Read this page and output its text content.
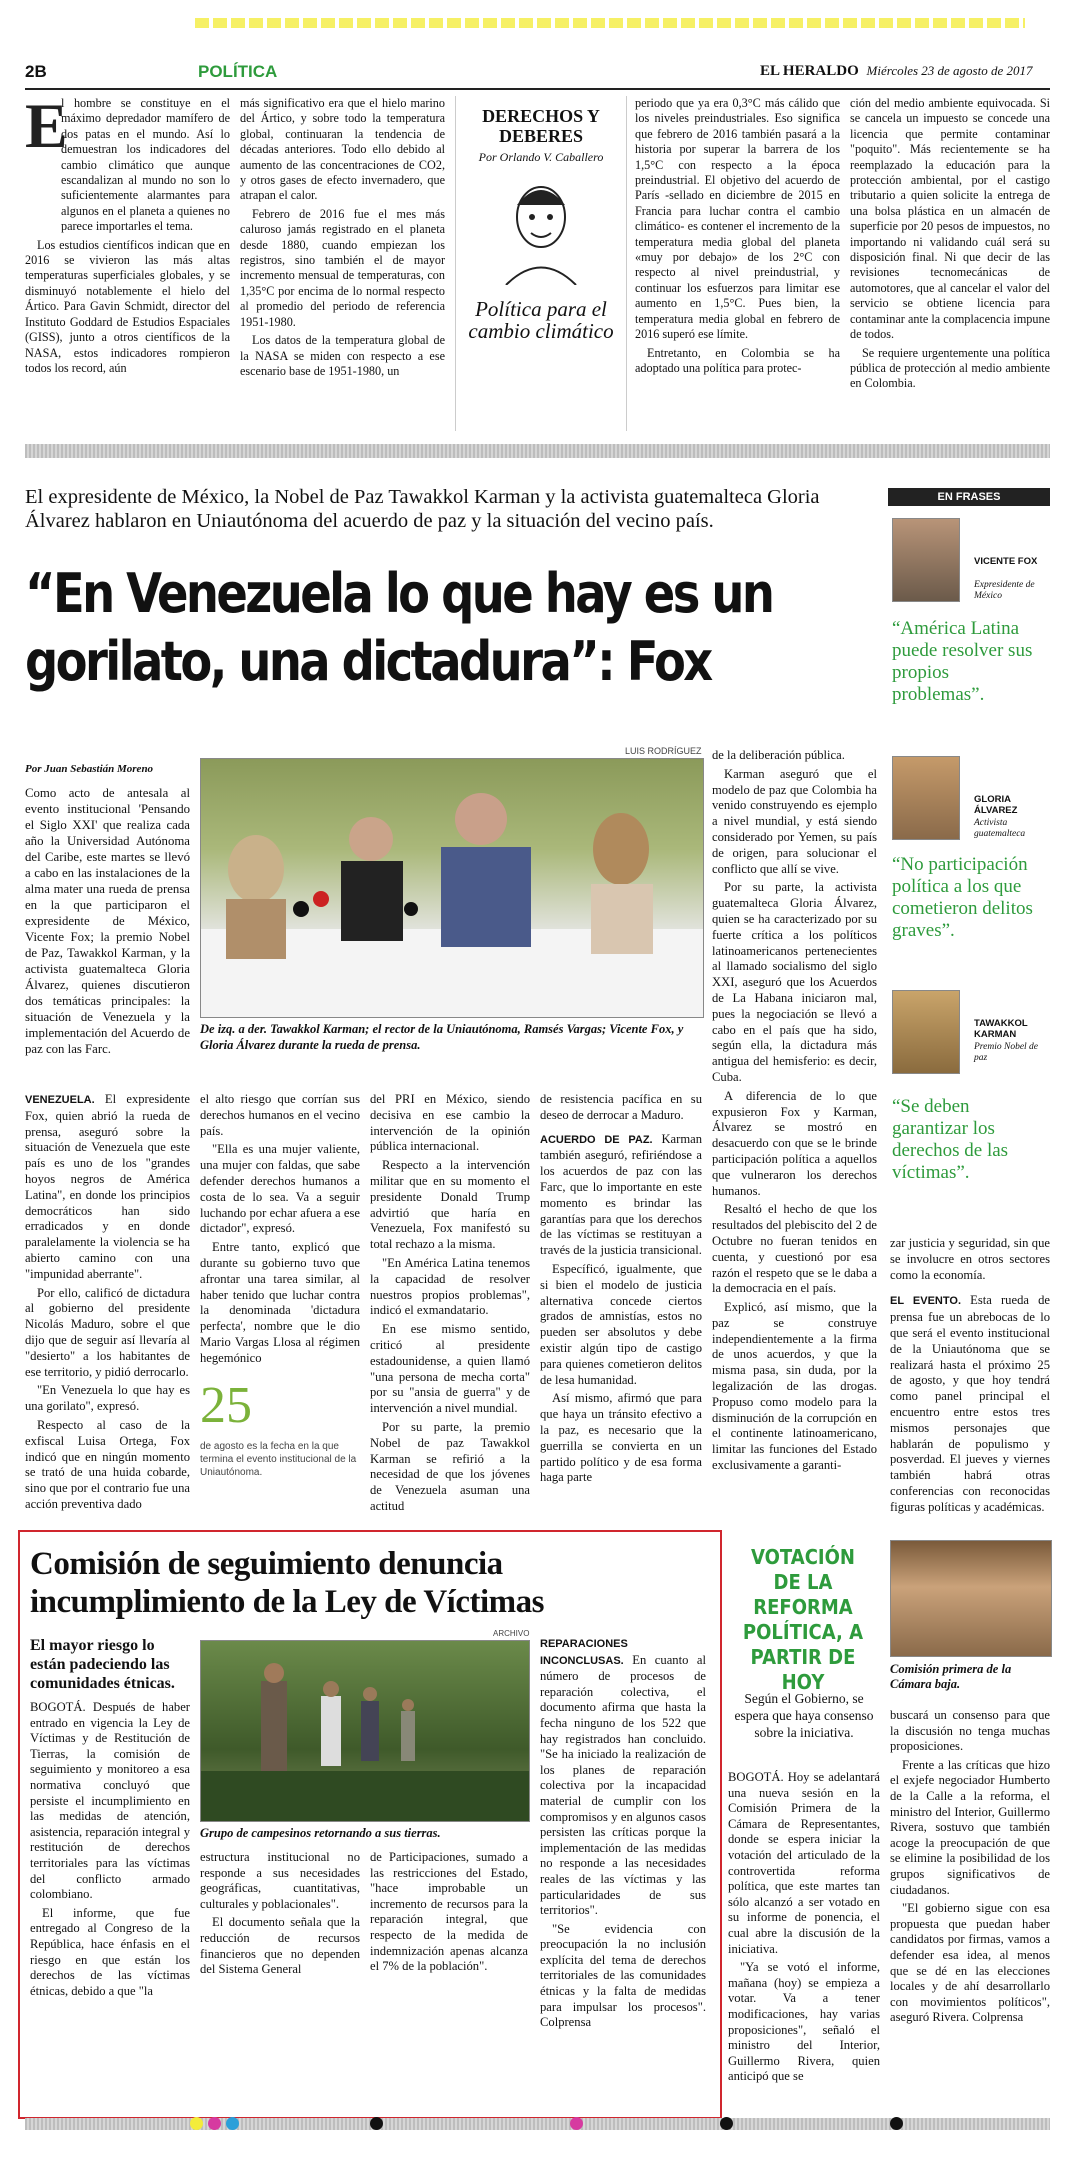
2B	POLÍTICA	EL HERALDO Miércoles 23 de agosto de 2017
E

l hombre se constituye en el máximo depredador mamífero de dos patas en el mundo. Así lo demuestran los indicadores del cambio climático que aunque escandalizan al mundo no son lo suficientemente alarmantes para algunos en el planeta a quienes no parece importarles el tema.

Los estudios científicos indican que en 2016 se vivieron las más altas temperaturas superficiales globales, y se disminuyó notablemente el hielo del Ártico. Para Gavin Schmidt, director del Instituto Goddard de Estudios Espaciales (GISS), junto a otros científicos de la NASA, estos indicadores rompieron todos los record, aún

más significativo era que el hielo marino del Ártico, y sobre todo la temperatura global, continuaran la tendencia de décadas anteriores. Todo ello debido al aumento de las concentraciones de CO2, y otros gases de efecto invernadero, que atrapan el calor.

Febrero de 2016 fue el mes más caluroso jamás registrado en el planeta desde 1880, cuando empiezan los registros, sino también el de mayor incremento mensual de temperaturas, con 1,35°C por encima de lo normal respecto al promedio del periodo de referencia 1951-1980.

Los datos de la temperatura global de la NASA se miden con respecto a ese escenario base de 1951-1980, un

DERECHOS Y DEBERES
Por Orlando V. Caballero
Política para el cambio climático

periodo que ya era 0,3°C más cálido que los niveles preindustriales. Eso significa que febrero de 2016 también pasará a la historia por superar la barrera de los 1,5°C con respecto a la época preindustrial. El objetivo del acuerdo de París -sellado en diciembre de 2015 en Francia para luchar contra el cambio climático- es contener el incremento de la temperatura media global del planeta «muy por debajo» de los 2°C con respecto al nivel preindustrial, y continuar los esfuerzos para limitar ese aumento en 1,5°C. Pues bien, la temperatura media global en febrero de 2016 superó ese límite.

Entretanto, en Colombia se ha adoptado una política para protec-

ción del medio ambiente equivocada. Si se cancela un impuesto se concede una licencia que permite contaminar "poquito". Más recientemente se ha reemplazado la educación para la protección ambiental, por el castigo tributario a quien solicite la entrega de una bolsa plástica en un almacén de superficie por 20 pesos de impuestos, no importando ni validando cuál será su disposición final. Ni que decir de las revisiones tecnomecánicas de automotores, que al cancelar el valor del servicio se obtiene licencia para contaminar ante la complacencia impune de todos.

Se requiere urgentemente una política pública de protección al medio ambiente en Colombia.

El expresidente de México, la Nobel de Paz Tawakkol Karman y la activista guatemalteca Gloria Álvarez hablaron en Uniautónoma del acuerdo de paz y la situación del vecino país.
“En Venezuela lo que hay es un gorilato, una dictadura”: Fox
Por Juan Sebastián Moreno

Como acto de antesala al evento institucional 'Pensando el Siglo XXI' que realiza cada año la Universidad Autónoma del Caribe, este martes se llevó a cabo en las instalaciones de la alma mater una rueda de prensa en la que participaron el expresidente de México, Vicente Fox; la premio Nobel de Paz, Tawakkol Karman, y la activista guatemalteca Gloria Álvarez, quienes discutieron dos temáticas principales: la situación de Venezuela y la implementación del Acuerdo de paz con las Farc.

LUIS RODRÍGUEZ
De izq. a der. Tawakkol Karman; el rector de la Uniautónoma, Ramsés Vargas; Vicente Fox, y Gloria Álvarez durante la rueda de prensa.

de la deliberación pública.

Karman aseguró que el modelo de paz que Colombia ha venido construyendo es ejemplo a nivel mundial, y está siendo considerado por Yemen, su país de origen, para solucionar el conflicto que allí se vive.

Por su parte, la activista guatemalteca Gloria Álvarez, quien se ha caracterizado por su fuerte crítica a los políticos latinoamericanos pertenecientes al llamado socialismo del siglo XXI, aseguró que los Acuerdos de La Habana iniciaron mal, pues la negociación se llevó a cabo en el país que ha sido, según ella, la dictadura más antigua del hemisferio: es decir, Cuba.

A diferencia de lo que expusieron Fox y Karman, Álvarez se mostró en desacuerdo con que se le brinde participación política a aquellos que vulneraron los derechos humanos.

Resaltó el hecho de que los resultados del plebiscito del 2 de Octubre no fueran tenidos en cuenta, y cuestionó por esa razón el respeto que se le daba a la democracia en el país.

Explicó, así mismo, que la paz se construye independientemente a la firma de unos acuerdos, y que la misma pasa, sin duda, por la legalización de las drogas. Propuso como modelo para la disminución de la corrupción en el continente latinoamericano, limitar las funciones del Estado exclusivamente a garanti-

VENEZUELA. El expresidente Fox, quien abrió la rueda de prensa, aseguró sobre la situación de Venezuela que este país es uno de los "grandes hoyos negros de América Latina", en donde los principios democráticos han sido erradicados y en donde paralelamente la violencia se ha abierto camino con una "impunidad aberrante".

Por ello, calificó de dictadura al gobierno del presidente Nicolás Maduro, sobre el que dijo que de seguir así llevaría al "desierto" a los habitantes de ese territorio, y pidió derrocarlo.

"En Venezuela lo que hay es una gorilato", expresó.

Respecto al caso de la exfiscal Luisa Ortega, Fox indicó que en ningún momento se trató de una huida cobarde, sino que por el contrario fue una acción preventiva dado

el alto riesgo que corrían sus derechos humanos en el vecino país.

"Ella es una mujer valiente, una mujer con faldas, que sabe defender derechos humanos a costa de lo sea. Va a seguir luchando por echar afuera a ese dictador", expresó.

Entre tanto, explicó que durante su gobierno tuvo que afrontar una tarea similar, al haber tenido que luchar contra la denominada 'dictadura perfecta', nombre que le dio Mario Vargas Llosa al régimen hegemónico

25
de agosto es la fecha en la que termina el evento institucional de la Uniautónoma.

del PRI en México, siendo decisiva en ese cambio la intervención de la opinión pública internacional.

Respecto a la intervención militar que en su momento el presidente Donald Trump advirtió que haría en Venezuela, Fox manifestó su total rechazo a la misma.

"En América Latina tenemos la capacidad de resolver nuestros propios problemas", indicó el exmandatario.

En ese mismo sentido, criticó al presidente estadounidense, a quien llamó "una persona de mecha corta" por su "ansia de guerra" y de intervención a nivel mundial.

Por su parte, la premio Nobel de paz Tawakkol Karman se refirió a la necesidad de que los jóvenes de Venezuela asuman una actitud

de resistencia pacífica en su deseo de derrocar a Maduro.

ACUERDO DE PAZ. Karman también aseguró, refiriéndose a los acuerdos de paz con las Farc, que lo importante en este momento es brindar las garantías para que los derechos de las víctimas se restituyan a través de la justicia transicional.

Específicó, igualmente, que si bien el modelo de justicia alternativa concede ciertos grados de amnistías, estos no pueden ser absolutos y debe existir algún tipo de castigo para quienes cometieron delitos de lesa humanidad.

Así mismo, afirmó que para que haya un tránsito efectivo a la paz, es necesario que la guerrilla se convierta en un partido político y de esa forma haga parte

EN FRASES
VICENTE FOX
Expresidente de México
“América Latina puede resolver sus propios problemas”.
GLORIA ÁLVAREZ
Activista guatemalteca
“No participación política a los que cometieron delitos graves”.
TAWAKKOL KARMAN
Premio Nobel de paz
“Se deben garantizar los derechos de las víctimas”.

zar justicia y seguridad, sin que se involucre en otros sectores como la economía.

EL EVENTO. Esta rueda de prensa fue un abrebocas de lo que será el evento institucional de la Uniautónoma que se realizará hasta el próximo 25 de agosto, y que hoy tendrá como panel principal el encuentro entre estos tres mismos personajes que hablarán de populismo y posverdad. El jueves y viernes también habrá otras conferencias con reconocidas figuras políticas y académicas.

Comisión de seguimiento denuncia incumplimiento de la Ley de Víctimas
El mayor riesgo lo están padeciendo las comunidades étnicas.
ARCHIVO
Grupo de campesinos retornando a sus tierras.

BOGOTÁ. Después de haber entrado en vigencia la Ley de Víctimas y de Restitución de Tierras, la comisión de seguimiento y monitoreo a esa normativa concluyó que persiste el incumplimiento en las medidas de atención, asistencia, reparación integral y restitución de derechos territoriales para las víctimas del conflicto armado colombiano.

El informe, que fue entregado al Congreso de la República, hace énfasis en el riesgo en que están los derechos de las víctimas étnicas, debido a que "la

estructura institucional no responde a sus necesidades geográficas, cuantitativas, culturales y poblacionales".

El documento señala que la reducción de recursos financieros que no dependen del Sistema General

de Participaciones, sumado a las restricciones del Estado, "hace improbable un incremento de recursos para la reparación integral, que respecto de la medida de indemnización apenas alcanza el 7% de la población".

REPARACIONES INCONCLUSAS. En cuanto al número de procesos de reparación colectiva, el documento afirma que hasta la fecha ninguno de los 522 que hay registrados han concluido. "Se ha iniciado la realización de los planes de reparación colectiva por la incapacidad material de cumplir con los compromisos y en algunos casos persisten las críticas porque la implementación de las medidas no responde a las necesidades reales de las víctimas y las particularidades de sus territorios".

"Se evidencia con preocupación la no inclusión explícita del tema de derechos territoriales de las comunidades étnicas y la falta de medidas para impulsar los procesos". Colprensa

VOTACIÓN DE LA REFORMA POLÍTICA, A PARTIR DE HOY
Según el Gobierno, se espera que haya consenso sobre la iniciativa.
Comisión primera de la Cámara baja.

BOGOTÁ. Hoy se adelantará una nueva sesión en la Comisión Primera de la Cámara de Representantes, donde se espera iniciar la votación del articulado de la controvertida reforma política, que este martes tan sólo alcanzó a ser votado en su informe de ponencia, el cual abre la discusión de la iniciativa.

"Ya se votó el informe, mañana (hoy) se empieza a votar. Va a tener modificaciones, hay varias proposiciones", señaló el ministro del Interior, Guillermo Rivera, quien anticipó que se

buscará un consenso para que la discusión no tenga muchas proposiciones.

Frente a las críticas que hizo el exjefe negociador Humberto de la Calle a la reforma, el ministro del Interior, Guillermo Rivera, sostuvo que también acoge la preocupación de que se elimine la posibilidad de los grupos significativos de ciudadanos.

"El gobierno sigue con esa propuesta que puedan haber candidatos por firmas, vamos a defender esa idea, al menos que se dé en las elecciones locales y de ahí desarrollarlo con movimientos políticos", aseguró Rivera. Colprensa
